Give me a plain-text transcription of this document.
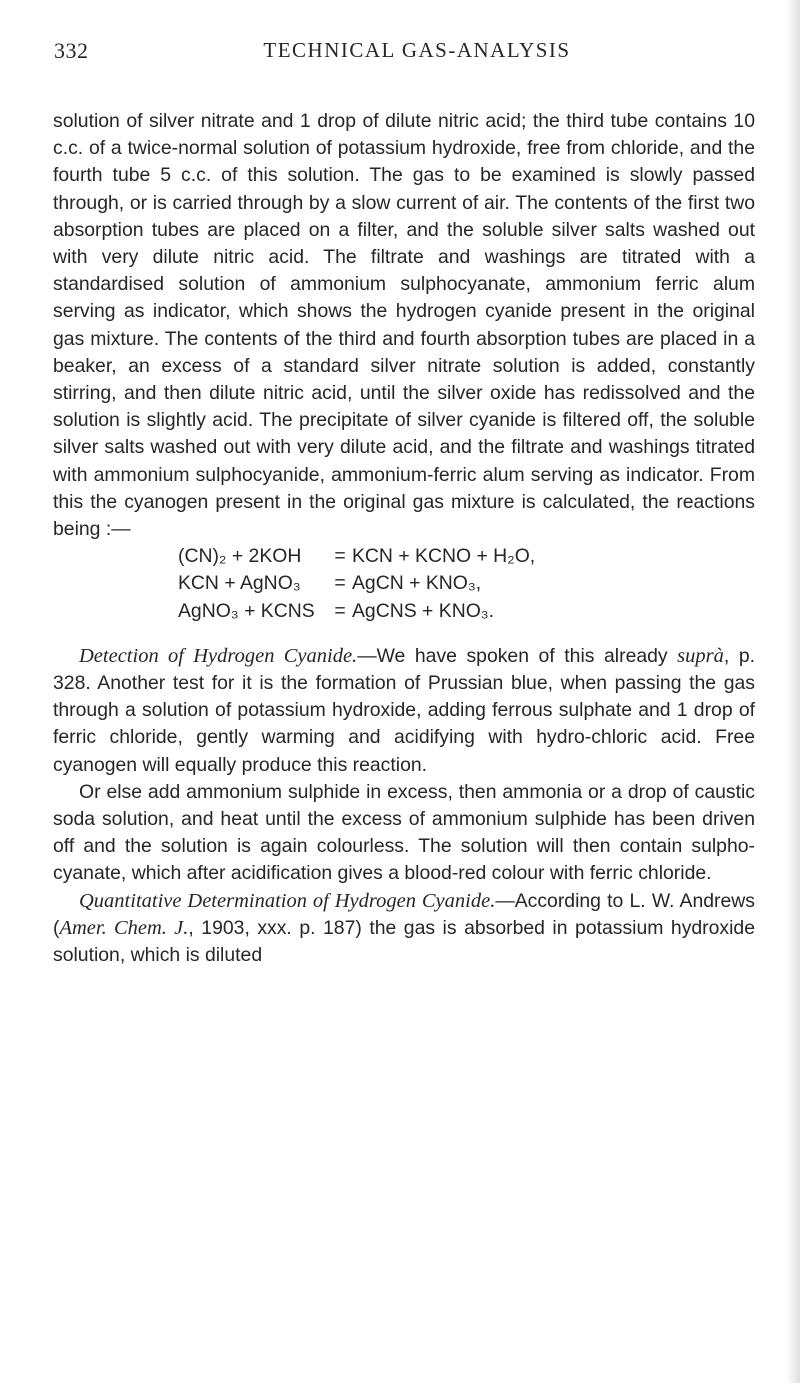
332	TECHNICAL GAS-ANALYSIS

solution of silver nitrate and 1 drop of dilute nitric acid; the third tube contains 10 c.c. of a twice-normal solution of potassium hydroxide, free from chloride, and the fourth tube 5 c.c. of this solution. The gas to be examined is slowly passed through, or is carried through by a slow current of air. The contents of the first two absorption tubes are placed on a filter, and the soluble silver salts washed out with very dilute nitric acid. The filtrate and washings are titrated with a standardised solution of ammonium sulphocyanate, ammonium ferric alum serving as indicator, which shows the hydrogen cyanide present in the original gas mixture. The contents of the third and fourth absorption tubes are placed in a beaker, an excess of a standard silver nitrate solution is added, constantly stirring, and then dilute nitric acid, until the silver oxide has redissolved and the solution is slightly acid. The precipitate of silver cyanide is filtered off, the soluble silver salts washed out with very dilute acid, and the filtrate and washings titrated with ammonium sulphocyanide, ammonium-ferric alum serving as indicator. From this the cyanogen present in the original gas mixture is calculated, the reactions being :—

(CN)₂ + 2KOH	= KCN + KCNO + H₂O,
KCN + AgNO₃	= AgCN + KNO₃,
AgNO₃ + KCNS	= AgCNS + KNO₃.

Detection of Hydrogen Cyanide.—We have spoken of this already suprà, p. 328. Another test for it is the formation of Prussian blue, when passing the gas through a solution of potassium hydroxide, adding ferrous sulphate and 1 drop of ferric chloride, gently warming and acidifying with hydro-chloric acid. Free cyanogen will equally produce this reaction.

Or else add ammonium sulphide in excess, then ammonia or a drop of caustic soda solution, and heat until the excess of ammonium sulphide has been driven off and the solution is again colourless. The solution will then contain sulpho-cyanate, which after acidification gives a blood-red colour with ferric chloride.

Quantitative Determination of Hydrogen Cyanide.—According to L. W. Andrews (Amer. Chem. J., 1903, xxx. p. 187) the gas is absorbed in potassium hydroxide solution, which is diluted
